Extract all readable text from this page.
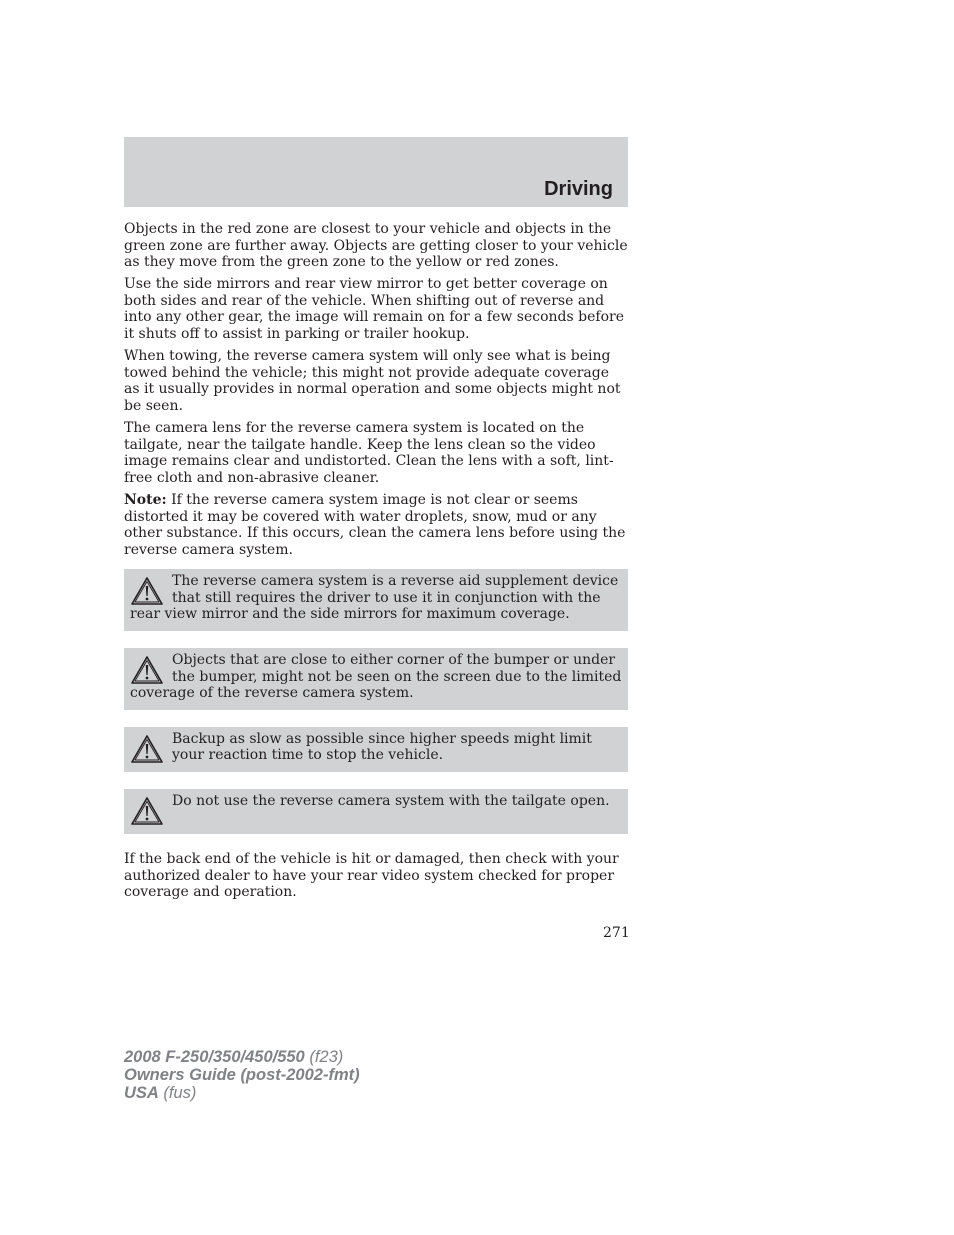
Driving

Objects in the red zone are closest to your vehicle and objects in the green zone are further away. Objects are getting closer to your vehicle as they move from the green zone to the yellow or red zones.

Use the side mirrors and rear view mirror to get better coverage on both sides and rear of the vehicle. When shifting out of reverse and into any other gear, the image will remain on for a few seconds before it shuts off to assist in parking or trailer hookup.

When towing, the reverse camera system will only see what is being towed behind the vehicle; this might not provide adequate coverage as it usually provides in normal operation and some objects might not be seen.

The camera lens for the reverse camera system is located on the tailgate, near the tailgate handle. Keep the lens clean so the video image remains clear and undistorted. Clean the lens with a soft, lint-free cloth and non-abrasive cleaner.

Note: If the reverse camera system image is not clear or seems distorted it may be covered with water droplets, snow, mud or any other substance. If this occurs, clean the camera lens before using the reverse camera system.

The reverse camera system is a reverse aid supplement device that still requires the driver to use it in conjunction with the rear view mirror and the side mirrors for maximum coverage.
Objects that are close to either corner of the bumper or under the bumper, might not be seen on the screen due to the limited coverage of the reverse camera system.
Backup as slow as possible since higher speeds might limit your reaction time to stop the vehicle.
Do not use the reverse camera system with the tailgate open.

If the back end of the vehicle is hit or damaged, then check with your authorized dealer to have your rear video system checked for proper coverage and operation.

271
2008 F-250/350/450/550 (f23)
Owners Guide (post-2002-fmt)
USA (fus)
